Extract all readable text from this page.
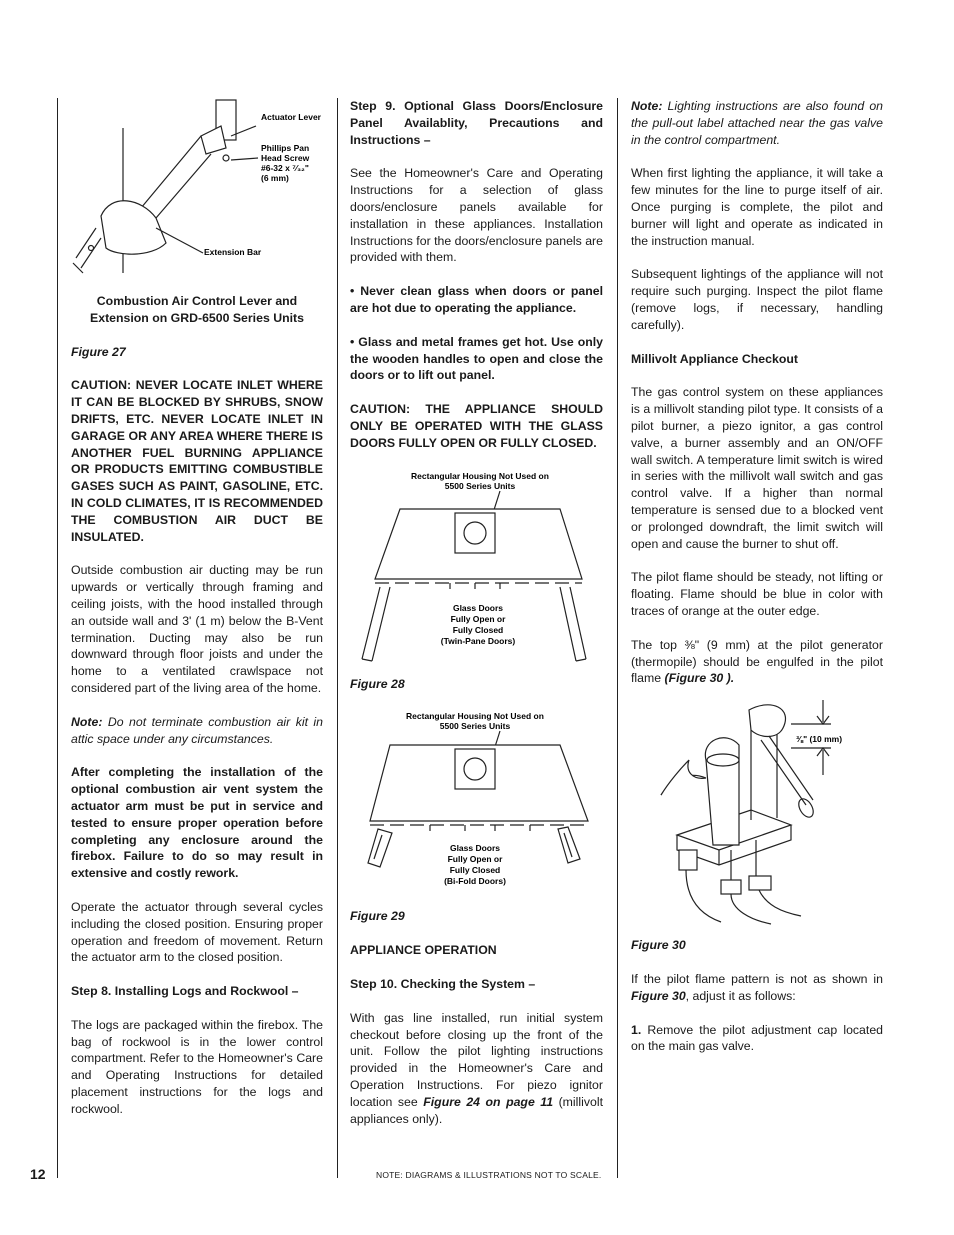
Actuator Lever
Phillips Pan Head Screw #6-32 x ⁷⁄₃₂" (6 mm)
Extension Bar

Combustion Air Control Lever and Extension on GRD-6500 Series Units

Figure 27

CAUTION: NEVER LOCATE INLET WHERE IT CAN BE BLOCKED BY SHRUBS, SNOW DRIFTS, ETC. NEVER LOCATE INLET IN GARAGE OR ANY AREA WHERE THERE IS ANOTHER FUEL BURNING APPLIANCE OR PRODUCTS EMITTING COMBUSTIBLE GASES SUCH AS PAINT, GASOLINE, ETC. IN COLD CLIMATES, IT IS RECOMMENDED THE COMBUSTION AIR DUCT BE INSULATED.

Outside combustion air ducting may be run upwards or vertically through framing and ceiling joists, with the hood installed through an outside wall and 3' (1 m) below the B-Vent termination. Ducting may also be run downward through floor joists and under the home to a ventilated crawlspace not considered part of the living area of the home.

Note: Do not terminate combustion air kit in attic space under any circumstances.

After completing the installation of the optional combustion air vent system the actuator arm must be put in service and tested to ensure proper operation before completing any enclosure around the firebox. Failure to do so may result in extensive and costly rework.

Operate the actuator through several cycles including the closed position. Ensuring proper operation and freedom of movement. Return the actuator arm to the closed position.

Step 8. Installing Logs and Rockwool –

The logs are packaged within the firebox. The bag of rockwool is in the lower control compartment. Refer to the Homeowner's Care and Operating Instructions for detailed placement instructions for the logs and rockwool.

Step 9. Optional Glass Doors/Enclosure Panel Availablity, Precautions and Instructions –

See the Homeowner's Care and Operating Instructions for a selection of glass doors/enclosure panels available for installation in these appliances. Installation Instructions for the doors/enclosure panels are provided with them.

• Never clean glass when doors or panel are hot due to operating the appliance.

• Glass and metal frames get hot. Use only the wooden handles to open and close the doors or to lift out panel.

CAUTION: THE APPLIANCE SHOULD ONLY BE OPERATED WITH THE GLASS DOORS FULLY OPEN OR FULLY CLOSED.

Rectangular Housing Not Used on
5500 Series Units
Glass Doors
Fully Open or
Fully Closed
(Twin-Pane Doors)

Figure 28

Rectangular Housing Not Used on
5500 Series Units
Glass Doors
Fully Open or
Fully Closed
(Bi-Fold Doors)

Figure 29

APPLIANCE OPERATION

Step 10. Checking the System –

With gas line installed, run initial system checkout before closing up the front of the unit. Follow the pilot lighting instructions provided in the Homeowner's Care and Operation Instructions. For piezo ignitor location see Figure 24 on page 11 (millivolt appliances only).

Note: Lighting instructions are also found on the pull-out label attached near the gas valve in the control compartment.

When first lighting the appliance, it will take a few minutes for the line to purge itself of air. Once purging is complete, the pilot and burner will light and operate as indicated in the instruction manual.

Subsequent lightings of the appliance will not require such purging. Inspect the pilot flame (remove logs, if necessary, handling carefully).

Millivolt Appliance Checkout

The gas control system on these appliances is a millivolt standing pilot type. It consists of a pilot burner, a piezo ignitor, a gas control valve, a burner assembly and an ON/OFF wall switch. A temperature limit switch is wired in series with the millivolt wall switch and gas control valve. If a higher than normal temperature is sensed due to a blocked vent or prolonged downdraft, the limit switch will open and cause the burner to shut off.

The pilot flame should be steady, not lifting or floating. Flame should be blue in color with traces of orange at the outer edge.

The top ⅜" (9 mm) at the pilot generator (thermopile) should be engulfed in the pilot flame (Figure 30 ).

⅜" (10 mm)

Figure 30

If the pilot flame pattern is not as shown in Figure 30, adjust it as follows:

1. Remove the pilot adjustment cap located on the main gas valve.

12	NOTE: DIAGRAMS & ILLUSTRATIONS NOT TO SCALE.
